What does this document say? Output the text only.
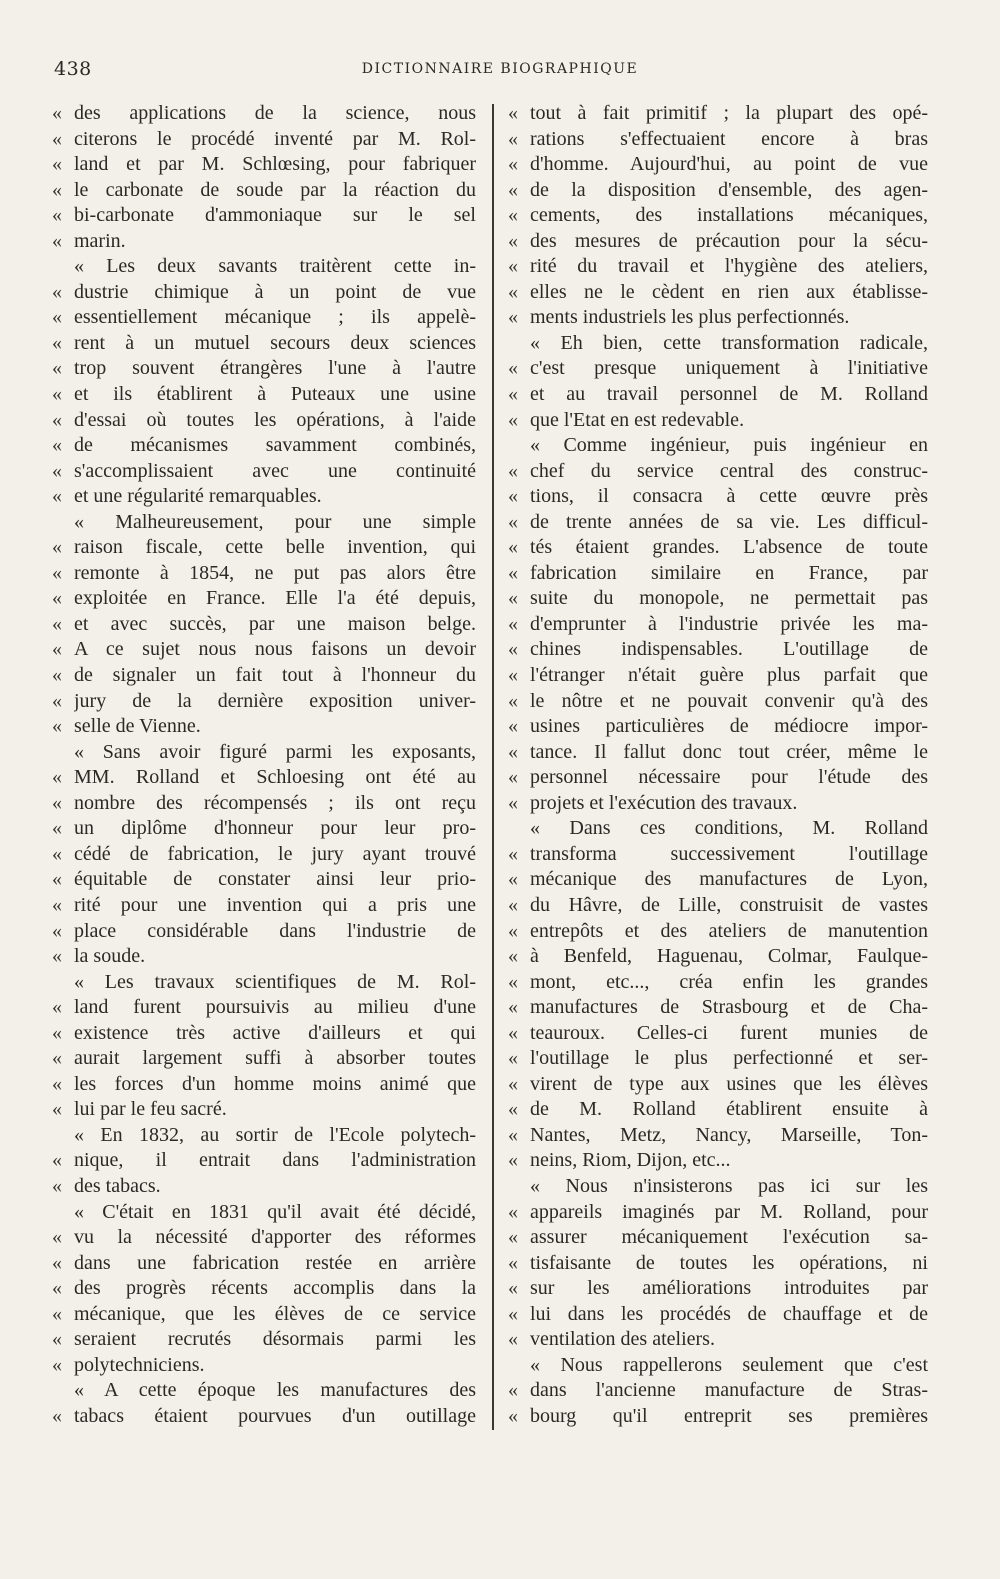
438	DICTIONNAIRE BIOGRAPHIQUE
« des applications de la science, nous
« citerons le procédé inventé par M. Rol-
« land et par M. Schlœsing, pour fabriquer
« le carbonate de soude par la réaction du
« bi-carbonate d'ammoniaque sur le sel
« marin.
« Les deux savants traitèrent cette in-
« dustrie chimique à un point de vue
« essentiellement mécanique ; ils appelè-
« rent à un mutuel secours deux sciences
« trop souvent étrangères l'une à l'autre
« et ils établirent à Puteaux une usine
« d'essai où toutes les opérations, à l'aide
« de mécanismes savamment combinés,
« s'accomplissaient avec une continuité
« et une régularité remarquables.
« Malheureusement, pour une simple
« raison fiscale, cette belle invention, qui
« remonte à 1854, ne put pas alors être
« exploitée en France. Elle l'a été depuis,
« et avec succès, par une maison belge.
« A ce sujet nous nous faisons un devoir
« de signaler un fait tout à l'honneur du
« jury de la dernière exposition univer-
« selle de Vienne.
« Sans avoir figuré parmi les exposants,
« MM. Rolland et Schloesing ont été au
« nombre des récompensés ; ils ont reçu
« un diplôme d'honneur pour leur pro-
« cédé de fabrication, le jury ayant trouvé
« équitable de constater ainsi leur prio-
« rité pour une invention qui a pris une
« place considérable dans l'industrie de
« la soude.
« Les travaux scientifiques de M. Rol-
« land furent poursuivis au milieu d'une
« existence très active d'ailleurs et qui
« aurait largement suffi à absorber toutes
« les forces d'un homme moins animé que
« lui par le feu sacré.
« En 1832, au sortir de l'Ecole polytech-
« nique, il entrait dans l'administration
« des tabacs.
« C'était en 1831 qu'il avait été décidé,
« vu la nécessité d'apporter des réformes
« dans une fabrication restée en arrière
« des progrès récents accomplis dans la
« mécanique, que les élèves de ce service
« seraient recrutés désormais parmi les
« polytechniciens.
« A cette époque les manufactures des
« tabacs étaient pourvues d'un outillage
« tout à fait primitif ; la plupart des opé-
« rations s'effectuaient encore à bras
« d'homme. Aujourd'hui, au point de vue
« de la disposition d'ensemble, des agen-
« cements, des installations mécaniques,
« des mesures de précaution pour la sécu-
« rité du travail et l'hygiène des ateliers,
« elles ne le cèdent en rien aux établisse-
« ments industriels les plus perfectionnés.
« Eh bien, cette transformation radicale,
« c'est presque uniquement à l'initiative
« et au travail personnel de M. Rolland
« que l'Etat en est redevable.
« Comme ingénieur, puis ingénieur en
« chef du service central des construc-
« tions, il consacra à cette œuvre près
« de trente années de sa vie. Les difficul-
« tés étaient grandes. L'absence de toute
« fabrication similaire en France, par
« suite du monopole, ne permettait pas
« d'emprunter à l'industrie privée les ma-
« chines indispensables. L'outillage de
« l'étranger n'était guère plus parfait que
« le nôtre et ne pouvait convenir qu'à des
« usines particulières de médiocre impor-
« tance. Il fallut donc tout créer, même le
« personnel nécessaire pour l'étude des
« projets et l'exécution des travaux.
« Dans ces conditions, M. Rolland
« transforma successivement l'outillage
« mécanique des manufactures de Lyon,
« du Hâvre, de Lille, construisit de vastes
« entrepôts et des ateliers de manutention
« à Benfeld, Haguenau, Colmar, Faulque-
« mont, etc..., créa enfin les grandes
« manufactures de Strasbourg et de Cha-
« teauroux. Celles-ci furent munies de
« l'outillage le plus perfectionné et ser-
« virent de type aux usines que les élèves
« de M. Rolland établirent ensuite à
« Nantes, Metz, Nancy, Marseille, Ton-
« neins, Riom, Dijon, etc...
« Nous n'insisterons pas ici sur les
« appareils imaginés par M. Rolland, pour
« assurer mécaniquement l'exécution sa-
« tisfaisante de toutes les opérations, ni
« sur les améliorations introduites par
« lui dans les procédés de chauffage et de
« ventilation des ateliers.
« Nous rappellerons seulement que c'est
« dans l'ancienne manufacture de Stras-
« bourg qu'il entreprit ses premières
